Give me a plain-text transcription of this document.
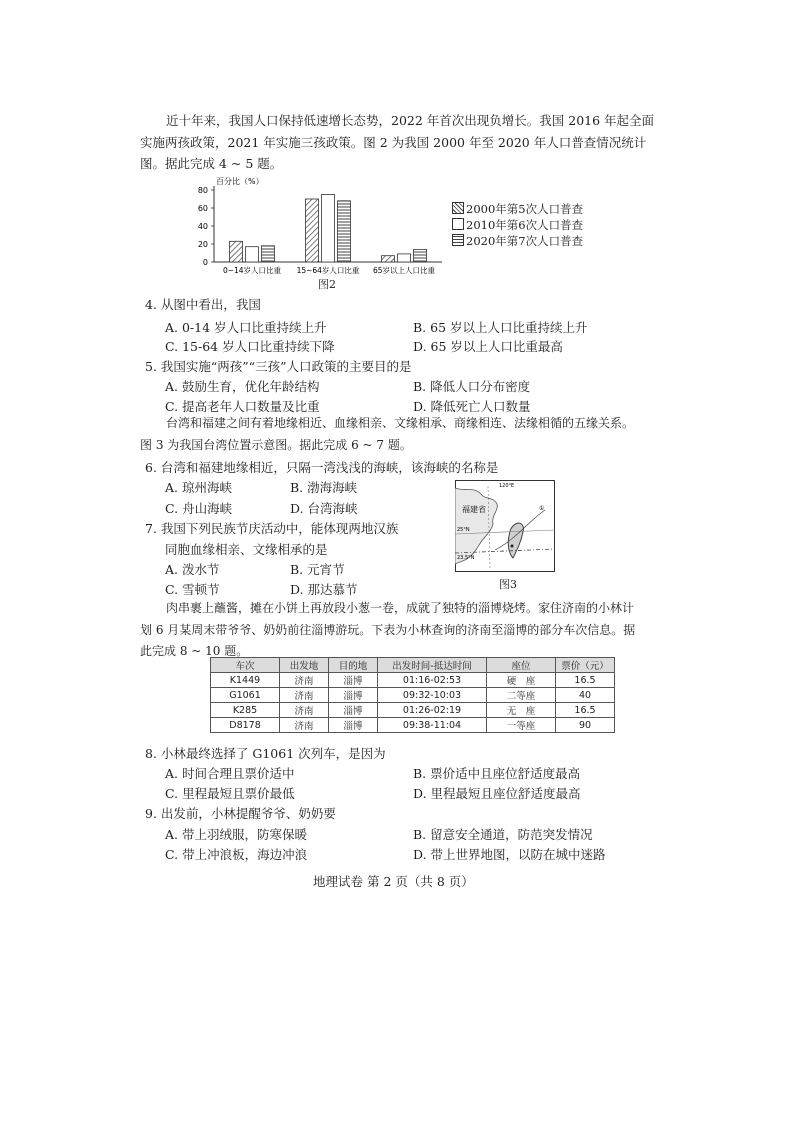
近十年来，我国人口保持低速增长态势，2022 年首次出现负增长。我国 2016 年起全面实施两孩政策，2021 年实施三孩政策。图 2 为我国 2000 年至 2020 年人口普查情况统计图。据此完成 4 ~ 5 题。
百分比（%）
0
20
40
60
80
0~14岁人口比重 15~64岁人口比重 65岁以上人口比重
2000年第5次人口普查
2010年第6次人口普查
2020年第7次人口普查
图2
4. 从图中看出，我国
A. 0-14 岁人口比重持续上升	B. 65 岁以上人口比重持续上升
C. 15-64 岁人口比重持续下降	D. 65 岁以上人口比重最高
5. 我国实施“两孩”“三孩”人口政策的主要目的是
A. 鼓励生育，优化年龄结构	B. 降低人口分布密度
C. 提高老年人口数量及比重	D. 降低死亡人口数量
台湾和福建之间有着地缘相近、血缘相亲、文缘相承、商缘相连、法缘相循的五缘关系。图 3 为我国台湾位置示意图。据此完成 6 ~ 7 题。
6. 台湾和福建地缘相近，只隔一湾浅浅的海峡，该海峡的名称是
A. 琼州海峡	B. 渤海海峡
C. 舟山海峡	D. 台湾海峡
7. 我国下列民族节庆活动中，能体现两地汉族
同胞血缘相亲、文缘相承的是
A. 泼水节	B. 元宵节
C. 雪顿节	D. 那达慕节
福建省
120°E
25°N
23.5°N
①
图3
肉串裹上蘸酱，摊在小饼上再放段小葱一卷，成就了独特的淄博烧烤。家住济南的小林计划 6 月某周末带爷爷、奶奶前往淄博游玩。下表为小林查询的济南至淄博的部分车次信息。据此完成 8 ~ 10 题。
车次	出发地	目的地	出发时间-抵达时间	座位	票价（元）
K1449	济南	淄博	01:16-02:53	硬　座	16.5
G1061	济南	淄博	09:32-10:03	二等座	40
K285	济南	淄博	01:26-02:19	无　座	16.5
D8178	济南	淄博	09:38-11:04	一等座	90
8. 小林最终选择了 G1061 次列车，是因为
A. 时间合理且票价适中	B. 票价适中且座位舒适度最高
C. 里程最短且票价最低	D. 里程最短且座位舒适度最高
9. 出发前，小林提醒爷爷、奶奶要
A. 带上羽绒服，防寒保暖	B. 留意安全通道，防范突发情况
C. 带上冲浪板，海边冲浪	D. 带上世界地图，以防在城中迷路
地理试卷 第 2 页（共 8 页）
